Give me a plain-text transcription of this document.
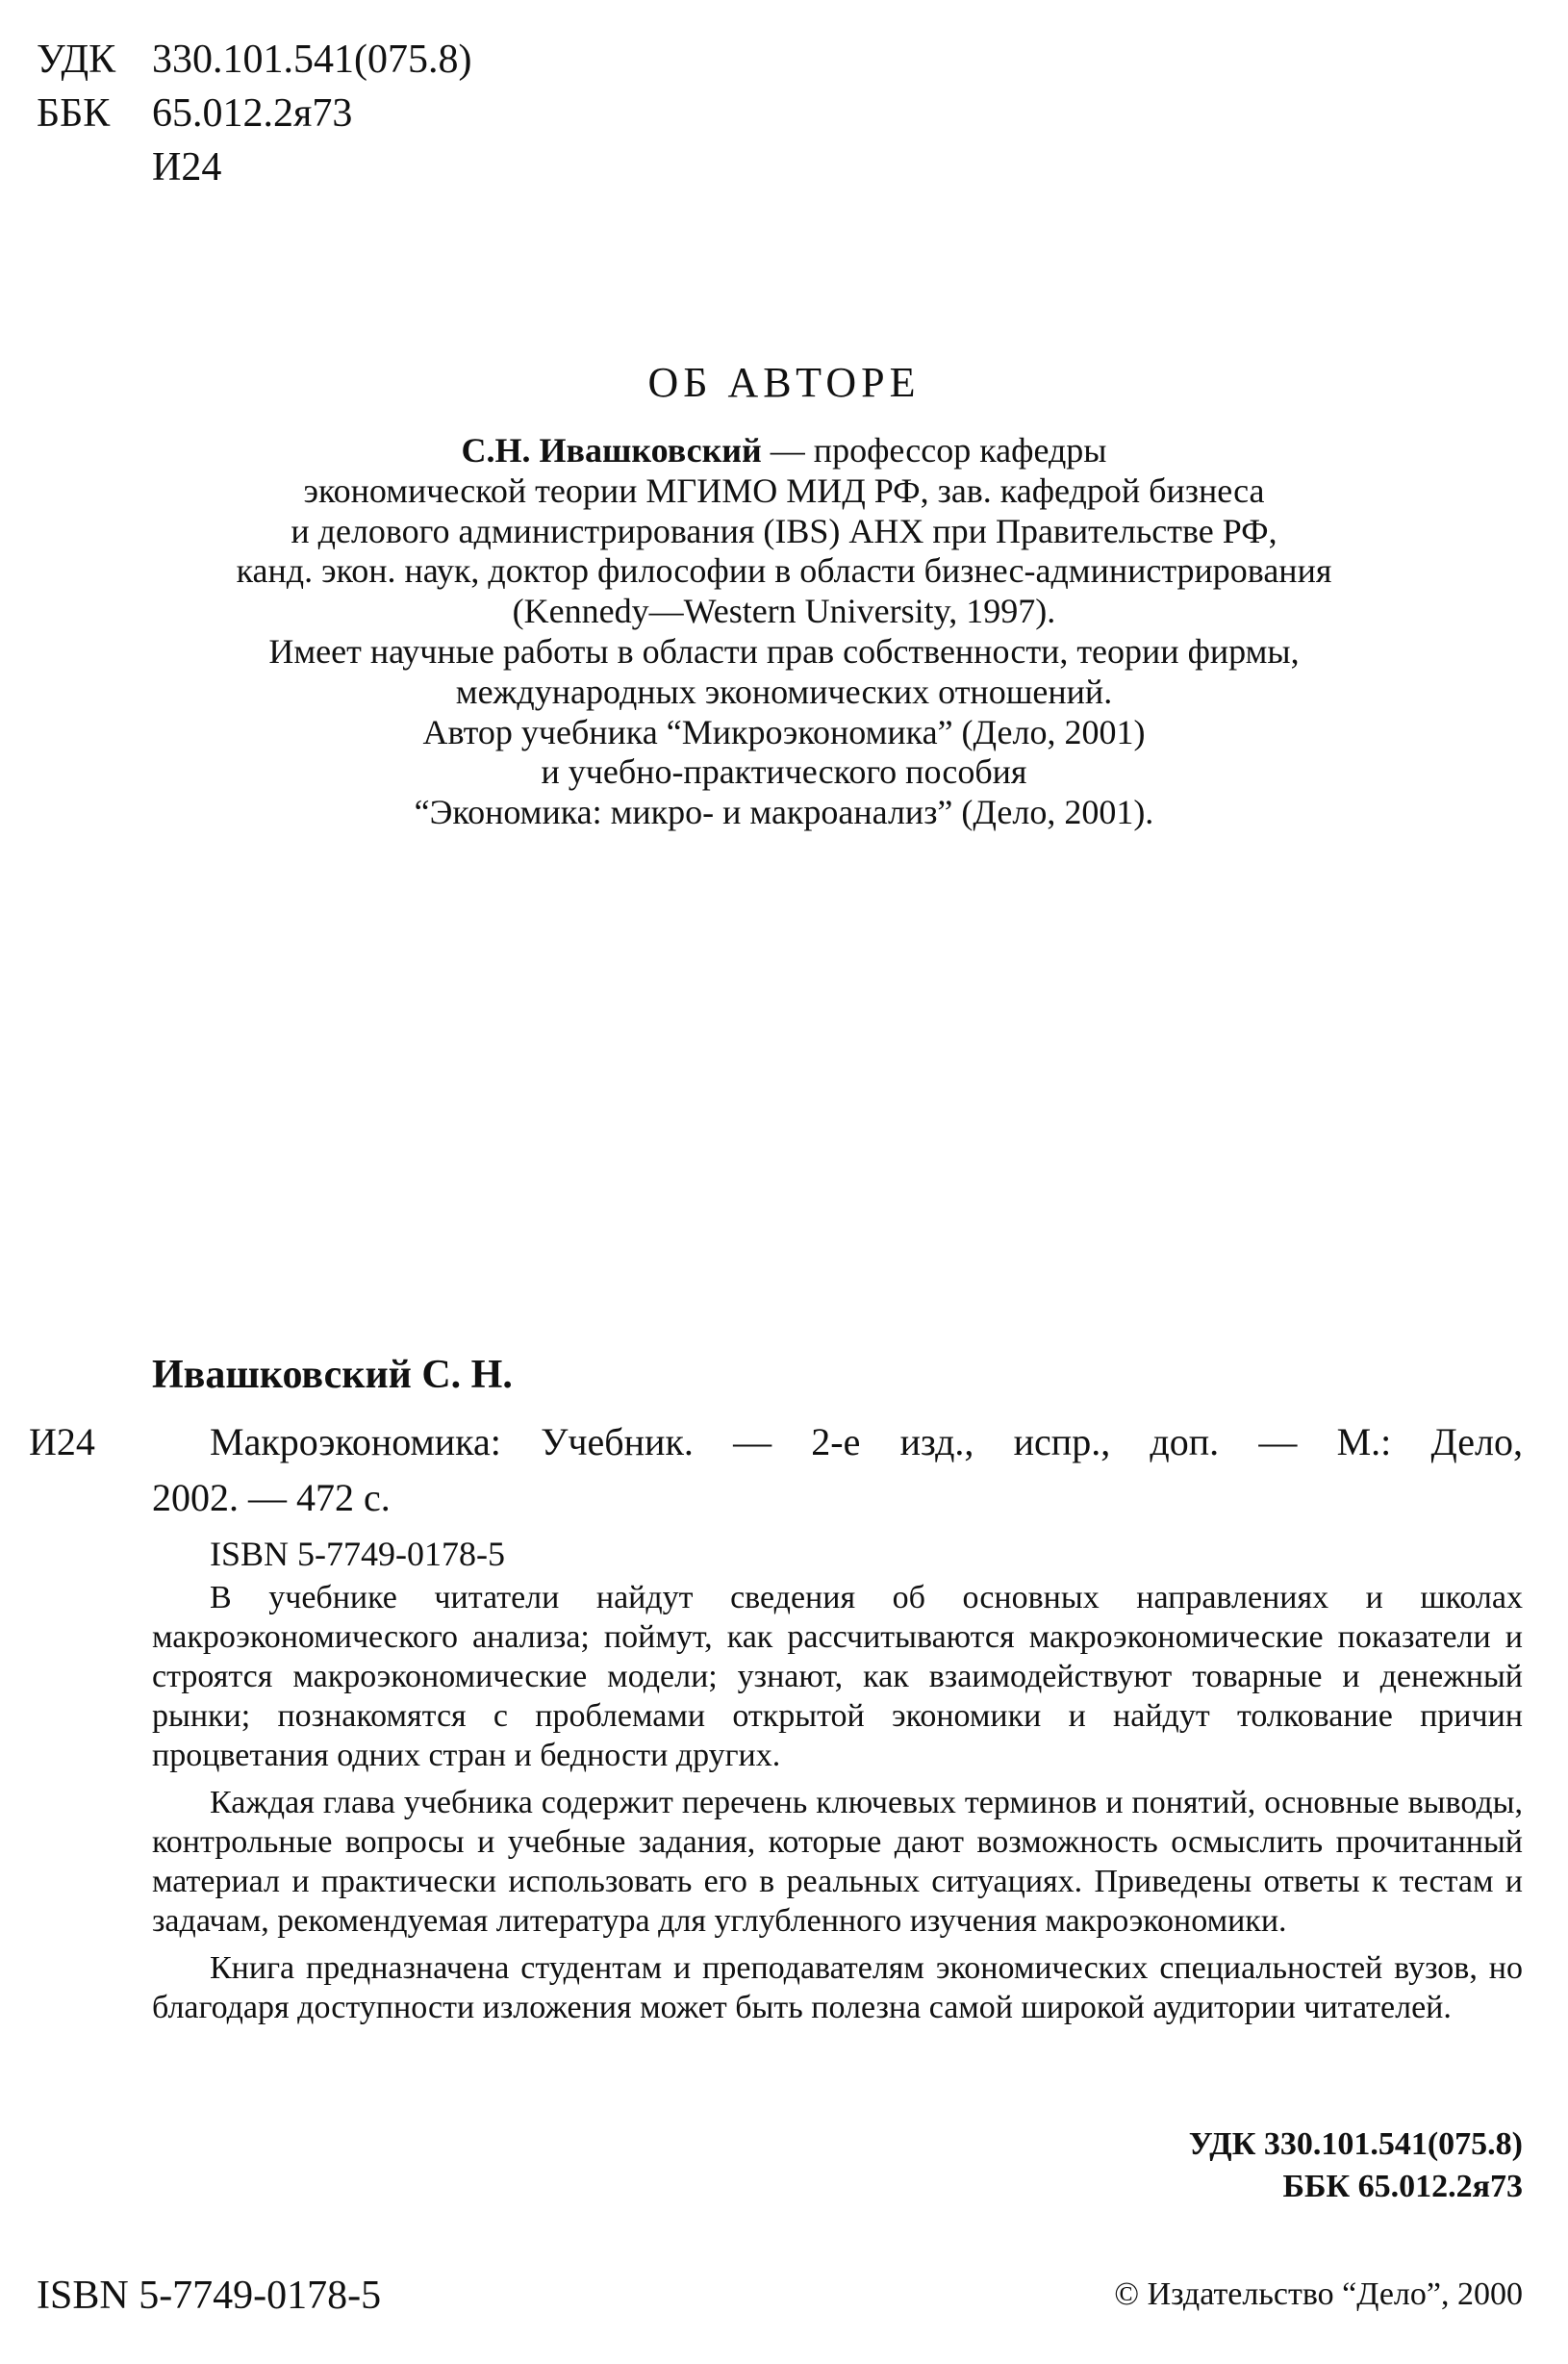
УДК 330.101.541(075.8)
ББК 65.012.2я73
И24
ОБ АВТОРЕ
С.Н. Ивашковский — профессор кафедры
экономической теории МГИМО МИД РФ, зав. кафедрой бизнеса
и делового администрирования (IBS) АНХ при Правительстве РФ,
канд. экон. наук, доктор философии в области бизнес-администрирования
(Kennedy—Western University, 1997).
Имеет научные работы в области прав собственности, теории фирмы,
международных экономических отношений.
Автор учебника “Микроэкономика” (Дело, 2001)
и учебно-практического пособия
“Экономика: микро- и макроанализ” (Дело, 2001).
Ивашковский С. Н.
И24	Макроэкономика: Учебник. — 2-е изд., испр., доп. — М.: Дело,
2002. — 472 с.
ISBN 5-7749-0178-5

В учебнике читатели найдут сведения об основных направлениях и школах макроэкономического анализа; поймут, как рассчитываются макроэкономические показатели и строятся макроэкономические модели; узнают, как взаимодействуют товарные и денежный рынки; познакомятся с проблемами открытой экономики и найдут толкование причин процветания одних стран и бедности других.

Каждая глава учебника содержит перечень ключевых терминов и понятий, основные выводы, контрольные вопросы и учебные задания, которые дают возможность осмыслить прочитанный материал и практически использовать его в реальных ситуациях. Приведены ответы к тестам и задачам, рекомендуемая литература для углубленного изучения макроэкономики.

Книга предназначена студентам и преподавателям экономических специальностей вузов, но благодаря доступности изложения может быть полезна самой широкой аудитории читателей.

УДК 330.101.541(075.8)
ББК 65.012.2я73
ISBN 5-7749-0178-5	© Издательство “Дело”, 2000
